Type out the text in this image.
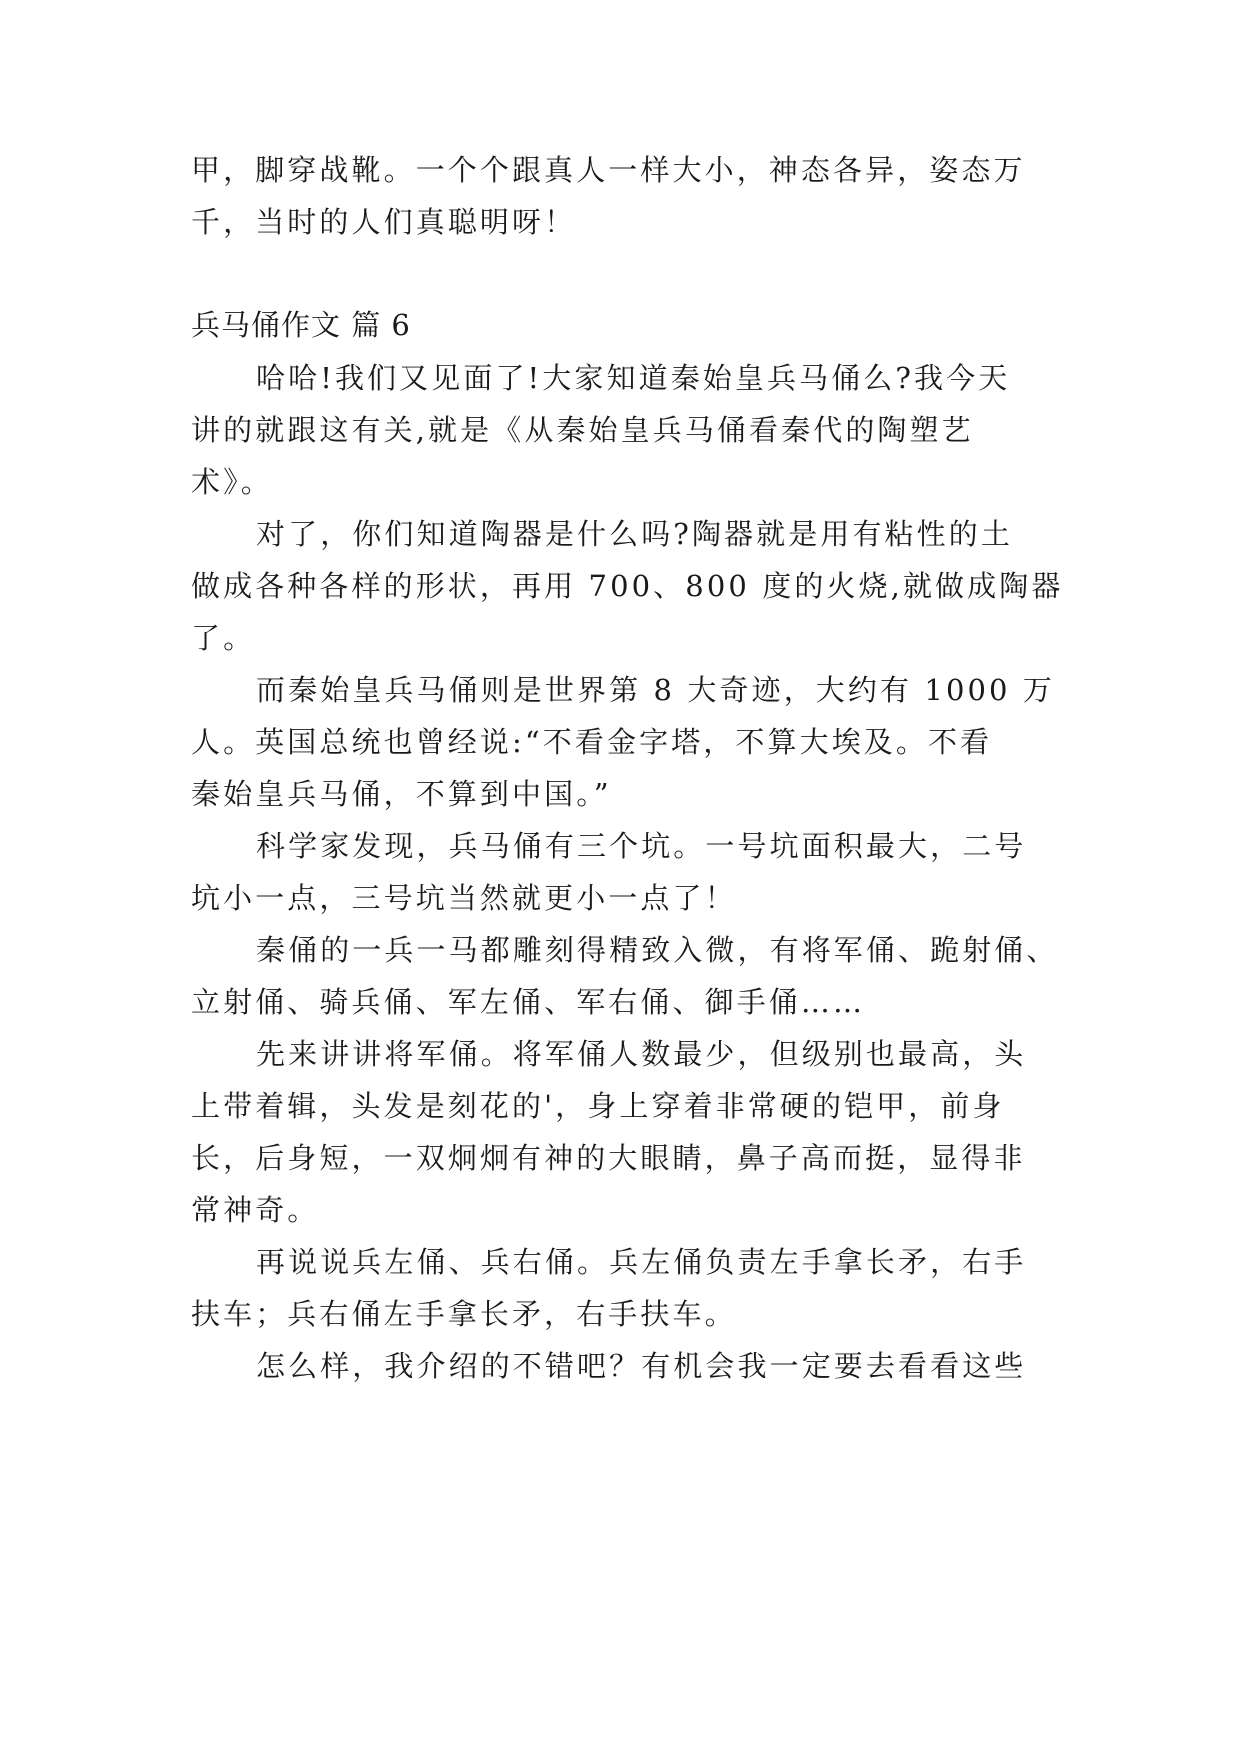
甲，脚穿战靴。一个个跟真人一样大小，神态各异，姿态万
千，当时的人们真聪明呀！
兵马俑作文 篇 6
哈哈!我们又见面了!大家知道秦始皇兵马俑么?我今天
讲的就跟这有关,就是《从秦始皇兵马俑看秦代的陶塑艺
术》。
对了，你们知道陶器是什么吗?陶器就是用有粘性的土
做成各种各样的形状，再用 700、800 度的火烧,就做成陶器
了。
而秦始皇兵马俑则是世界第 8 大奇迹，大约有 1000 万
人。英国总统也曾经说:“不看金字塔，不算大埃及。不看
秦始皇兵马俑，不算到中国。”
科学家发现，兵马俑有三个坑。一号坑面积最大，二号
坑小一点，三号坑当然就更小一点了！
秦俑的一兵一马都雕刻得精致入微，有将军俑、跪射俑、
立射俑、骑兵俑、军左俑、军右俑、御手俑……
先来讲讲将军俑。将军俑人数最少，但级别也最高，头
上带着辑，头发是刻花的'，身上穿着非常硬的铠甲，前身
长，后身短，一双炯炯有神的大眼睛，鼻子高而挺，显得非
常神奇。
再说说兵左俑、兵右俑。兵左俑负责左手拿长矛，右手
扶车；兵右俑左手拿长矛，右手扶车。
怎么样，我介绍的不错吧？有机会我一定要去看看这些
